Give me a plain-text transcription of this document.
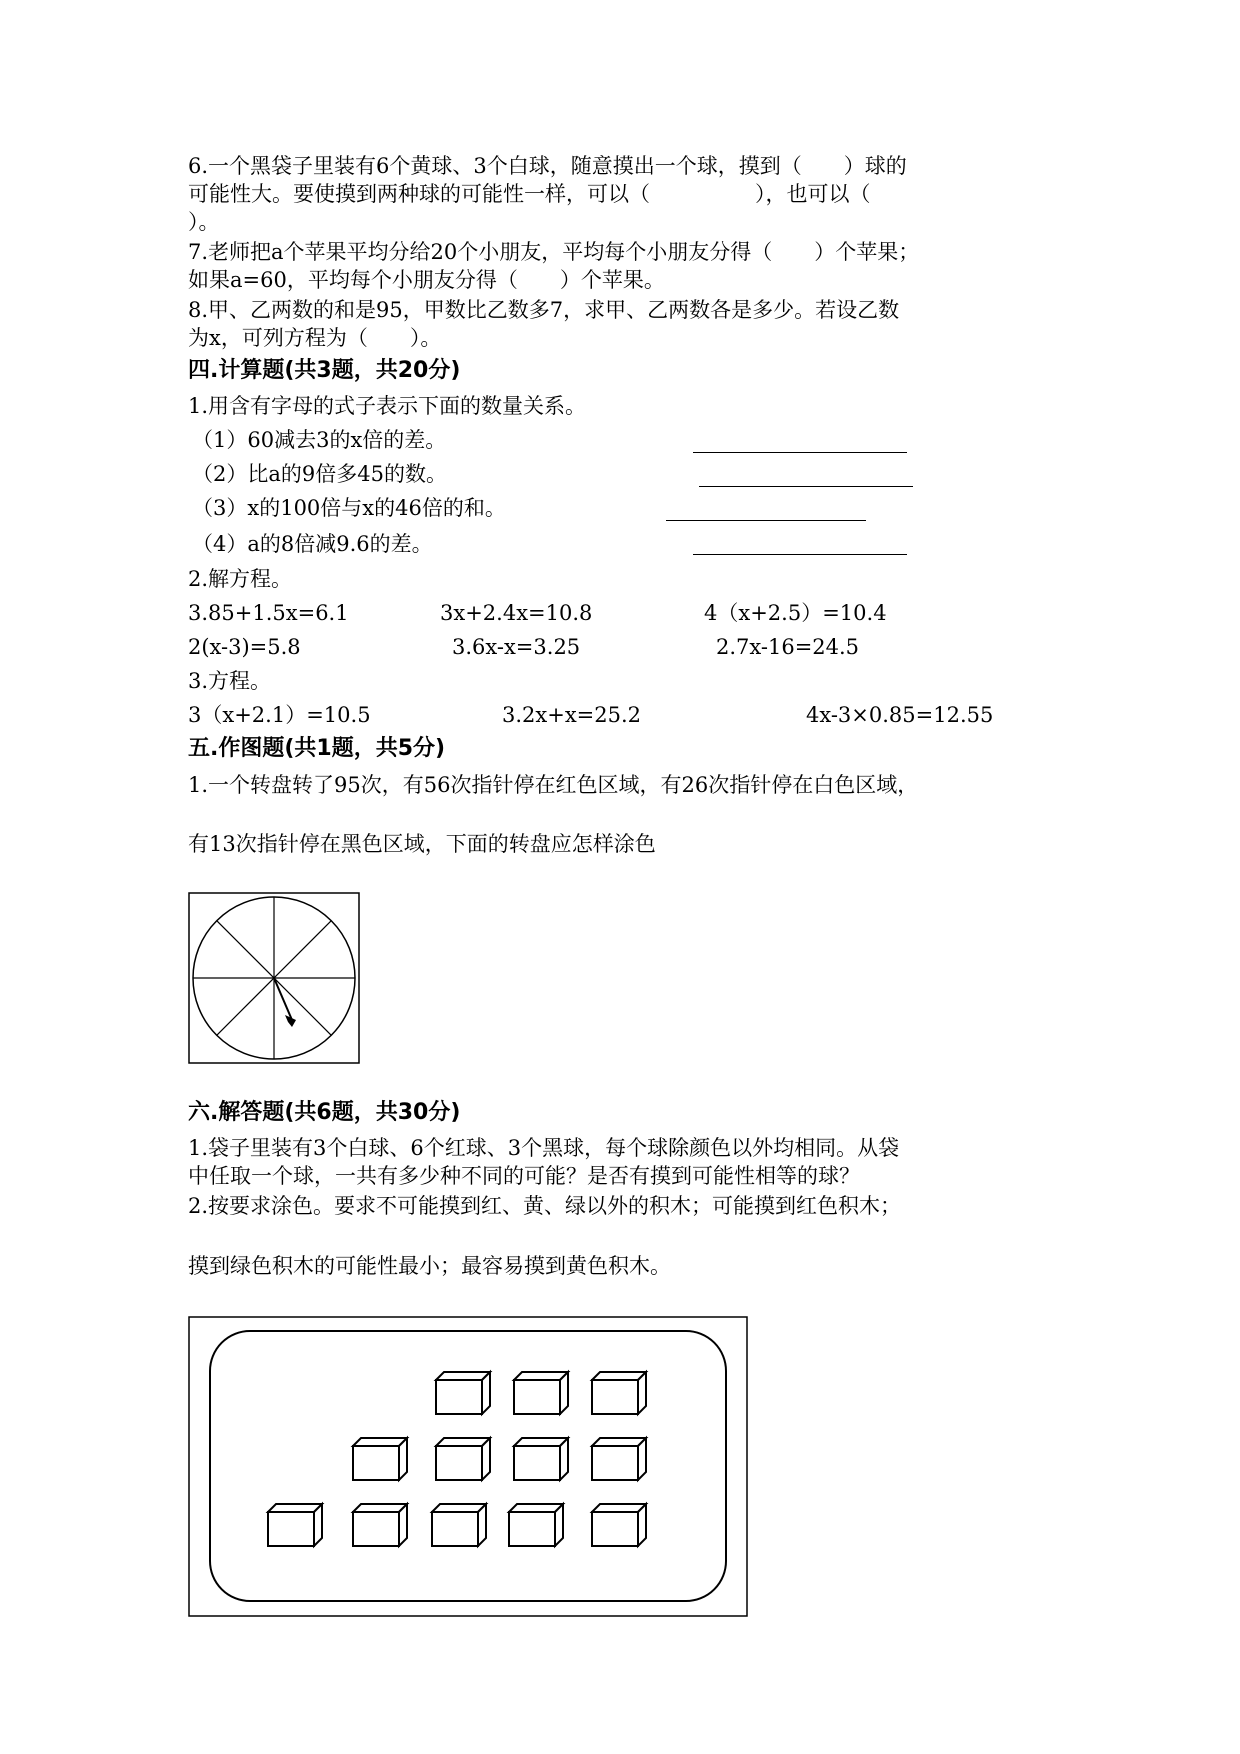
6.一个黑袋子里装有6个黄球、3个白球，随意摸出一个球，摸到（　　）球的
可能性大。要使摸到两种球的可能性一样，可以（　　　　　），也可以（
）。
7.老师把a个苹果平均分给20个小朋友，平均每个小朋友分得（　　）个苹果；
如果a=60，平均每个小朋友分得（　　）个苹果。
8.甲、乙两数的和是95，甲数比乙数多7，求甲、乙两数各是多少。若设乙数
为x，可列方程为（　　）。
四.计算题(共3题，共20分)
1.用含有字母的式子表示下面的数量关系。
（1）60减去3的x倍的差。
（2）比a的9倍多45的数。
（3）x的100倍与x的46倍的和。
（4）a的8倍减9.6的差。
2.解方程。
3.85+1.5x=6.1	3x+2.4x=10.8	4（x+2.5）=10.4
2(x-3)=5.8	3.6x-x=3.25	2.7x-16=24.5
3.方程。
3（x+2.1）=10.5	3.2x+x=25.2	4x-3×0.85=12.55
五.作图题(共1题，共5分)
1.一个转盘转了95次，有56次指针停在红色区域，有26次指针停在白色区域，
有13次指针停在黑色区域，下面的转盘应怎样涂色
六.解答题(共6题，共30分)
1.袋子里装有3个白球、6个红球、3个黑球，每个球除颜色以外均相同。从袋
中任取一个球，一共有多少种不同的可能？是否有摸到可能性相等的球？
2.按要求涂色。要求不可能摸到红、黄、绿以外的积木；可能摸到红色积木；
摸到绿色积木的可能性最小；最容易摸到黄色积木。
